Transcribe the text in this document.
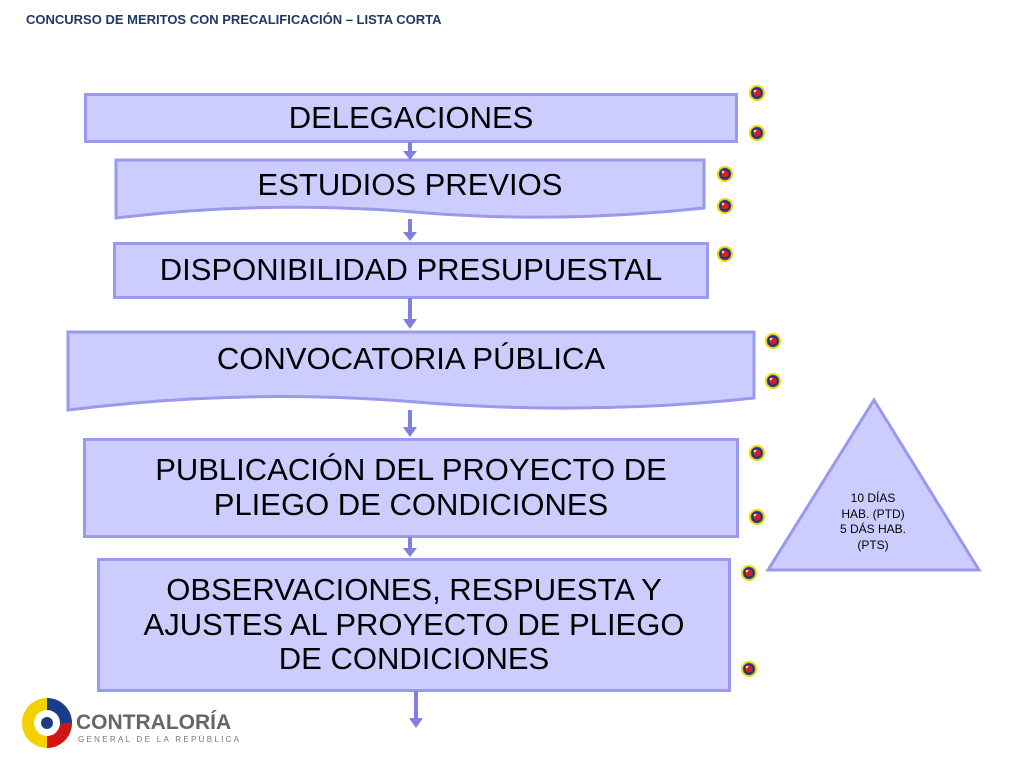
CONCURSO DE MERITOS CON PRECALIFICACIÓN – LISTA CORTA
DELEGACIONES
ESTUDIOS PREVIOS
DISPONIBILIDAD PRESUPUESTAL
CONVOCATORIA PÚBLICA
PUBLICACIÓN DEL PROYECTO DE
PLIEGO DE CONDICIONES
OBSERVACIONES, RESPUESTA Y
AJUSTES AL PROYECTO DE PLIEGO
DE CONDICIONES
10 DÍAS
HAB. (PTD)
5 DÁS HAB.
(PTS)
CONTRALORÍA
GENERAL DE LA REPÚBLICA
